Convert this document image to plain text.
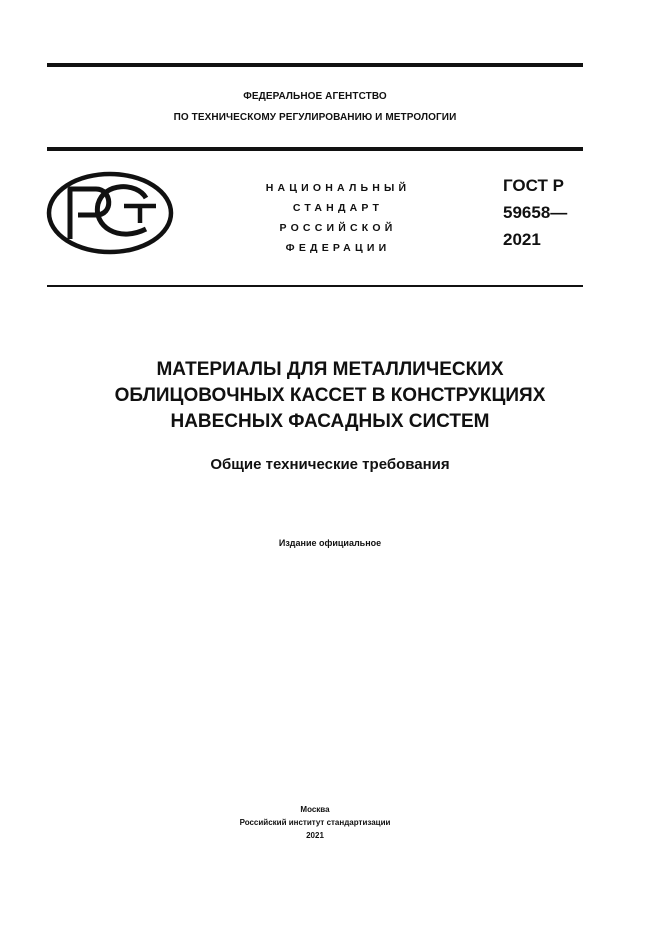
ФЕДЕРАЛЬНОЕ АГЕНТСТВО
ПО ТЕХНИЧЕСКОМУ РЕГУЛИРОВАНИЮ И МЕТРОЛОГИИ
НАЦИОНАЛЬНЫЙ
СТАНДАРТ
РОССИЙСКОЙ
ФЕДЕРАЦИИ
ГОСТ Р
59658—
2021
МАТЕРИАЛЫ ДЛЯ МЕТАЛЛИЧЕСКИХ
ОБЛИЦОВОЧНЫХ КАССЕТ В КОНСТРУКЦИЯХ
НАВЕСНЫХ ФАСАДНЫХ СИСТЕМ
Общие технические требования
Издание официальное
Москва
Российский институт стандартизации
2021
